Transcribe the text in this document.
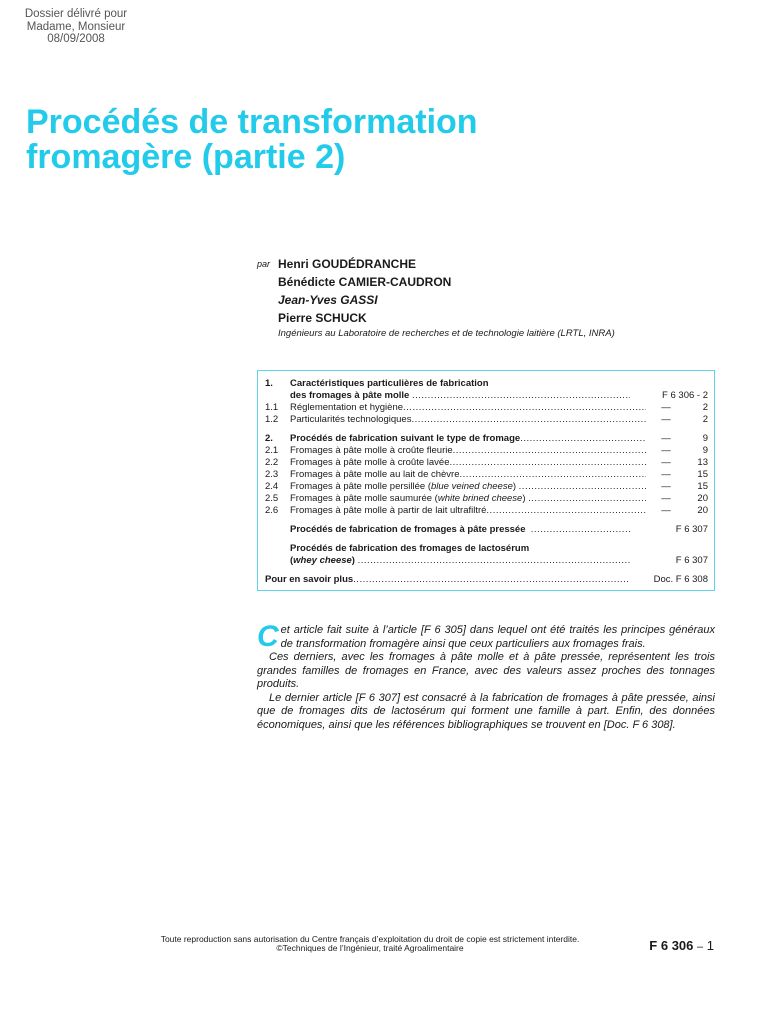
Dossier délivré pour
Madame, Monsieur
08/09/2008
Procédés de transformation
fromagère (partie 2)
par Henri GOUDÉDRANCHE
Bénédicte CAMIER-CAUDRON
Jean-Yves GASSI
Pierre SCHUCK
Ingénieurs au Laboratoire de recherches et de technologie laitière (LRTL, INRA)
1.	Caractéristiques particulières de fabrication
des fromages à pâte molle
.....	F 6 306 - 2
1.1	Réglementation et hygiène .....	—	2
1.2	Particularités technologiques .....	—	2
2.	Procédés de fabrication suivant le type de fromage .....	—	9
2.1	Fromages à pâte molle à croûte fleurie .....	—	9
2.2	Fromages à pâte molle à croûte lavée .....	—	13
2.3	Fromages à pâte molle au lait de chèvre .....	—	15
2.4	Fromages à pâte molle persillée (blue veined cheese)
.....	—	15
2.5	Fromages à pâte molle saumurée (white brined cheese)
.....	—	20
2.6	Fromages à pâte molle à partir de lait ultrafiltré .....	—	20
Procédés de fabrication de fromages à pâte pressée
.....	F 6 307
Procédés de fabrication des fromages de lactosérum
(whey cheese)
.....	F 6 307
Pour en savoir plus .....	Doc. F 6 308

Cet article fait suite à l’article [F 6 305] dans lequel ont été traités les principes généraux de transformation fromagère ainsi que ceux particuliers aux fromages frais.

Ces derniers, avec les fromages à pâte molle et à pâte pressée, représentent les trois grandes familles de fromages en France, avec des valeurs assez proches des tonnages produits.

Le dernier article [F 6 307] est consacré à la fabrication de fromages à pâte pressée, ainsi que de fromages dits de lactosérum qui forment une famille à part. Enfin, des données économiques, ainsi que les références bibliographiques se trouvent en [Doc. F 6 308].

Toute reproduction sans autorisation du Centre français d’exploitation du droit de copie est strictement interdite.
©Techniques de l’Ingénieur, traité Agroalimentaire	F 6 306 – 1
